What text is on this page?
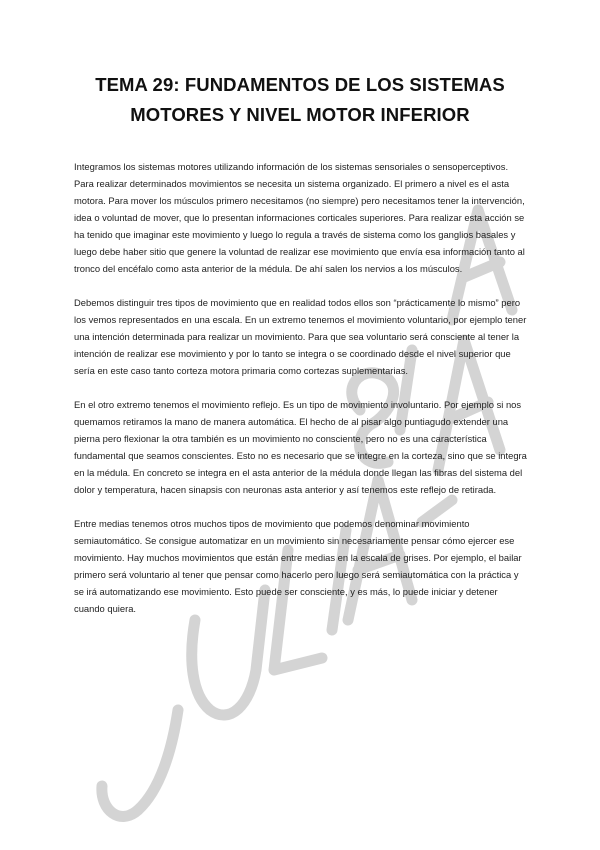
TEMA 29: FUNDAMENTOS DE LOS SISTEMAS
MOTORES Y NIVEL MOTOR INFERIOR

Integramos los sistemas motores utilizando información de los sistemas sensoriales o sensoperceptivos. Para realizar determinados movimientos se necesita un sistema organizado. El primero a nivel es el asta motora. Para mover los músculos primero necesitamos (no siempre) pero necesitamos tener la intervención, idea o voluntad de mover, que lo presentan informaciones corticales superiores. Para realizar esta acción se ha tenido que imaginar este movimiento y luego lo regula a través de sistema como los ganglios basales y luego debe haber sitio que genere la voluntad de realizar ese movimiento que envía esa información tanto al tronco del encéfalo como asta anterior de la médula. De ahí salen los nervios a los músculos.

Debemos distinguir tres tipos de movimiento que en realidad todos ellos son “prácticamente lo mismo” pero los vemos representados en una escala. En un extremo tenemos el movimiento voluntario, por ejemplo tener una intención determinada para realizar un movimiento. Para que sea voluntario será consciente al tener la intención de realizar ese movimiento y por lo tanto se integra o se coordinado desde el nivel superior que sería en este caso tanto corteza motora primaria como cortezas suplementarias.

En el otro extremo tenemos el movimiento reflejo. Es un tipo de movimiento involuntario. Por ejemplo si nos quemamos retiramos la mano de manera automática. El hecho de al pisar algo puntiagudo extender una pierna pero flexionar la otra también es un movimiento no consciente, pero no es una característica fundamental que seamos conscientes. Esto no es necesario que se integre en la corteza, sino que se integra en la médula. En concreto se integra en el asta anterior de la médula donde llegan las fibras del sistema del dolor y temperatura, hacen sinapsis con neuronas asta anterior y así tenemos este reflejo de retirada.

Entre medias tenemos otros muchos tipos de movimiento que podemos denominar movimiento semiautomático. Se consigue automatizar en un movimiento sin necesariamente pensar cómo ejercer ese movimiento. Hay muchos movimientos que están entre medias en la escala de grises. Por ejemplo, el bailar primero será voluntario al tener que pensar como hacerlo pero luego será semiautomática con la práctica y se irá automatizando ese movimiento. Esto puede ser consciente, y es más, lo puede iniciar y detener cuando quiera.
